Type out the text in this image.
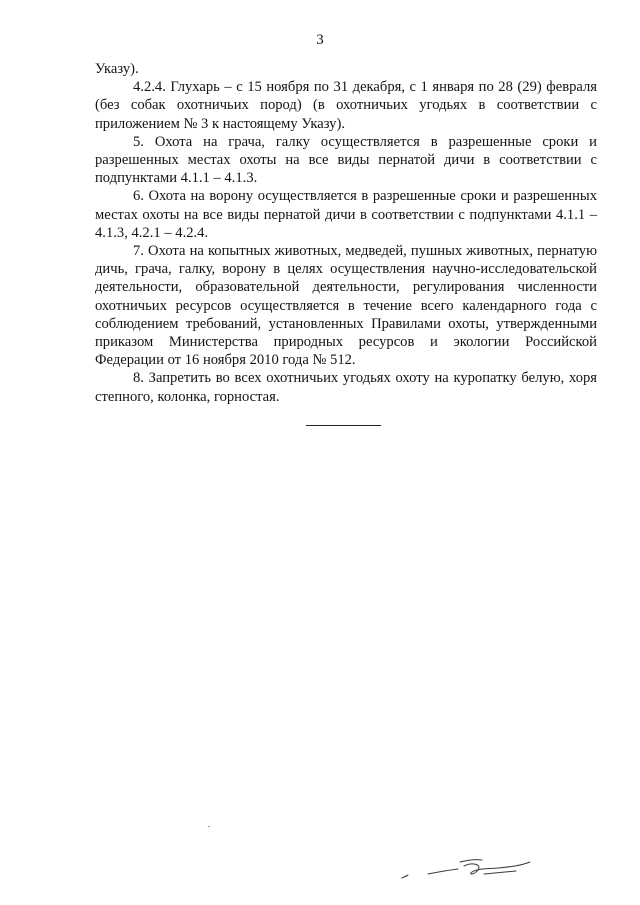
3

Указу).

4.2.4. Глухарь – с 15 ноября по 31 декабря, с 1 января по 28 (29) февраля (без собак охотничьих пород) (в охотничьих угодьях в соответствии с приложением № 3 к настоящему Указу).

5. Охота на грача, галку осуществляется в разрешенные сроки и разрешенных местах охоты на все виды пернатой дичи в соответствии с подпунктами 4.1.1 – 4.1.3.

6. Охота на ворону осуществляется в разрешенные сроки и разрешенных местах охоты на все виды пернатой дичи в соответствии с подпунктами 4.1.1 – 4.1.3, 4.2.1 – 4.2.4.

7. Охота на копытных животных, медведей, пушных животных, пернатую дичь, грача, галку, ворону в целях осуществления научно-исследовательской деятельности, образовательной деятельности, регулирования численности охотничьих ресурсов осуществляется в течение всего календарного года с соблюдением требований, установленных Правилами охоты, утвержденными приказом Министерства природных ресурсов и экологии Российской Федерации от 16 ноября 2010 года № 512.

8. Запретить во всех охотничьих угодьях охоту на куропатку белую, хоря степного, колонка, горностая.
